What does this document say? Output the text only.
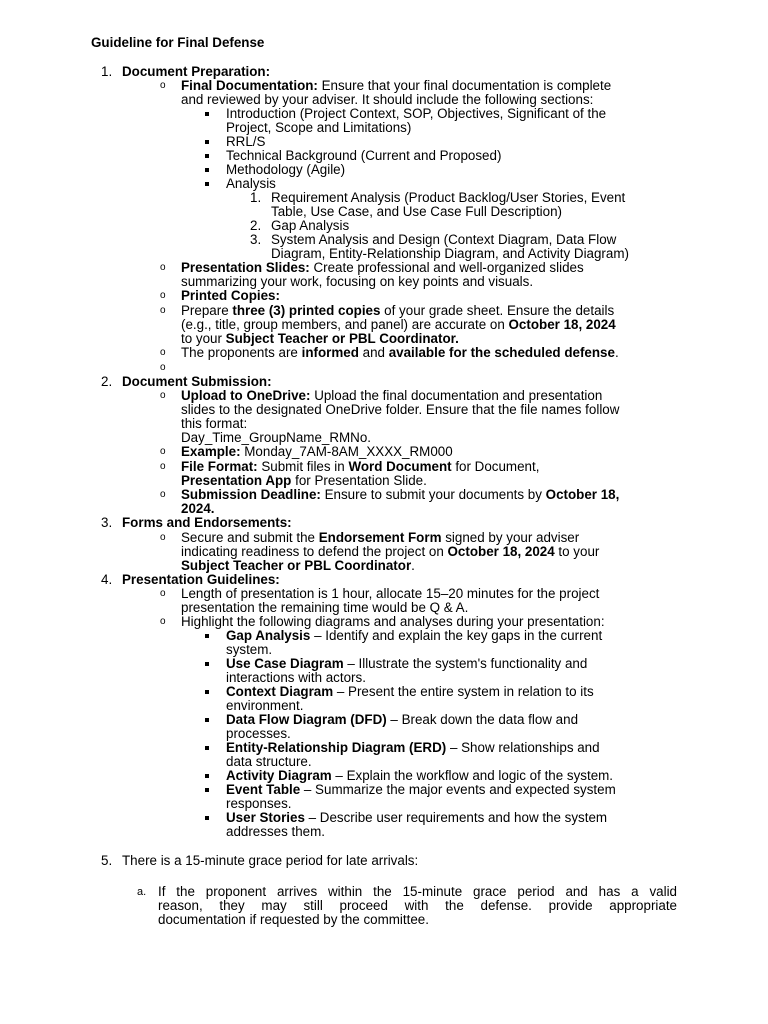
Guideline for Final Defense
1. Document Preparation:
o Final Documentation: Ensure that your final documentation is complete
and reviewed by your adviser. It should include the following sections:
Introduction (Project Context, SOP, Objectives, Significant of the
Project, Scope and Limitations)
RRL/S
Technical Background (Current and Proposed)
Methodology (Agile)
Analysis
1. Requirement Analysis (Product Backlog/User Stories, Event
Table, Use Case, and Use Case Full Description)
2. Gap Analysis
3. System Analysis and Design (Context Diagram, Data Flow
Diagram, Entity-Relationship Diagram, and Activity Diagram)
o Presentation Slides: Create professional and well-organized slides
summarizing your work, focusing on key points and visuals.
o Printed Copies:
o Prepare three (3) printed copies of your grade sheet. Ensure the details
(e.g., title, group members, and panel) are accurate on October 18, 2024
to your Subject Teacher or PBL Coordinator.
o The proponents are informed and available for the scheduled defense.
o
2. Document Submission:
o Upload to OneDrive: Upload the final documentation and presentation
slides to the designated OneDrive folder. Ensure that the file names follow
this format:
Day_Time_GroupName_RMNo.
o Example: Monday_7AM-8AM_XXXX_RM000
o File Format: Submit files in Word Document for Document,
Presentation App for Presentation Slide.
o Submission Deadline: Ensure to submit your documents by October 18,
2024.
3. Forms and Endorsements:
o Secure and submit the Endorsement Form signed by your adviser
indicating readiness to defend the project on October 18, 2024 to your
Subject Teacher or PBL Coordinator.
4. Presentation Guidelines:
o Length of presentation is 1 hour, allocate 15–20 minutes for the project
presentation the remaining time would be Q & A.
o Highlight the following diagrams and analyses during your presentation:
5. There is a 15-minute grace period for late arrivals:
a. If the proponent arrives within the 15-minute grace period and has a valid
reason, they may still proceed with the defense. provide appropriate
documentation if requested by the committee.
Gap Analysis – Identify and explain the key gaps in the current
system.
Use Case Diagram – Illustrate the system's functionality and
interactions with actors.
Context Diagram – Present the entire system in relation to its
environment.
Data Flow Diagram (DFD) – Break down the data flow and
processes.
Entity-Relationship Diagram (ERD) – Show relationships and
data structure.
Activity Diagram – Explain the workflow and logic of the system.
Event Table – Summarize the major events and expected system
responses.
User Stories – Describe user requirements and how the system
addresses them.
